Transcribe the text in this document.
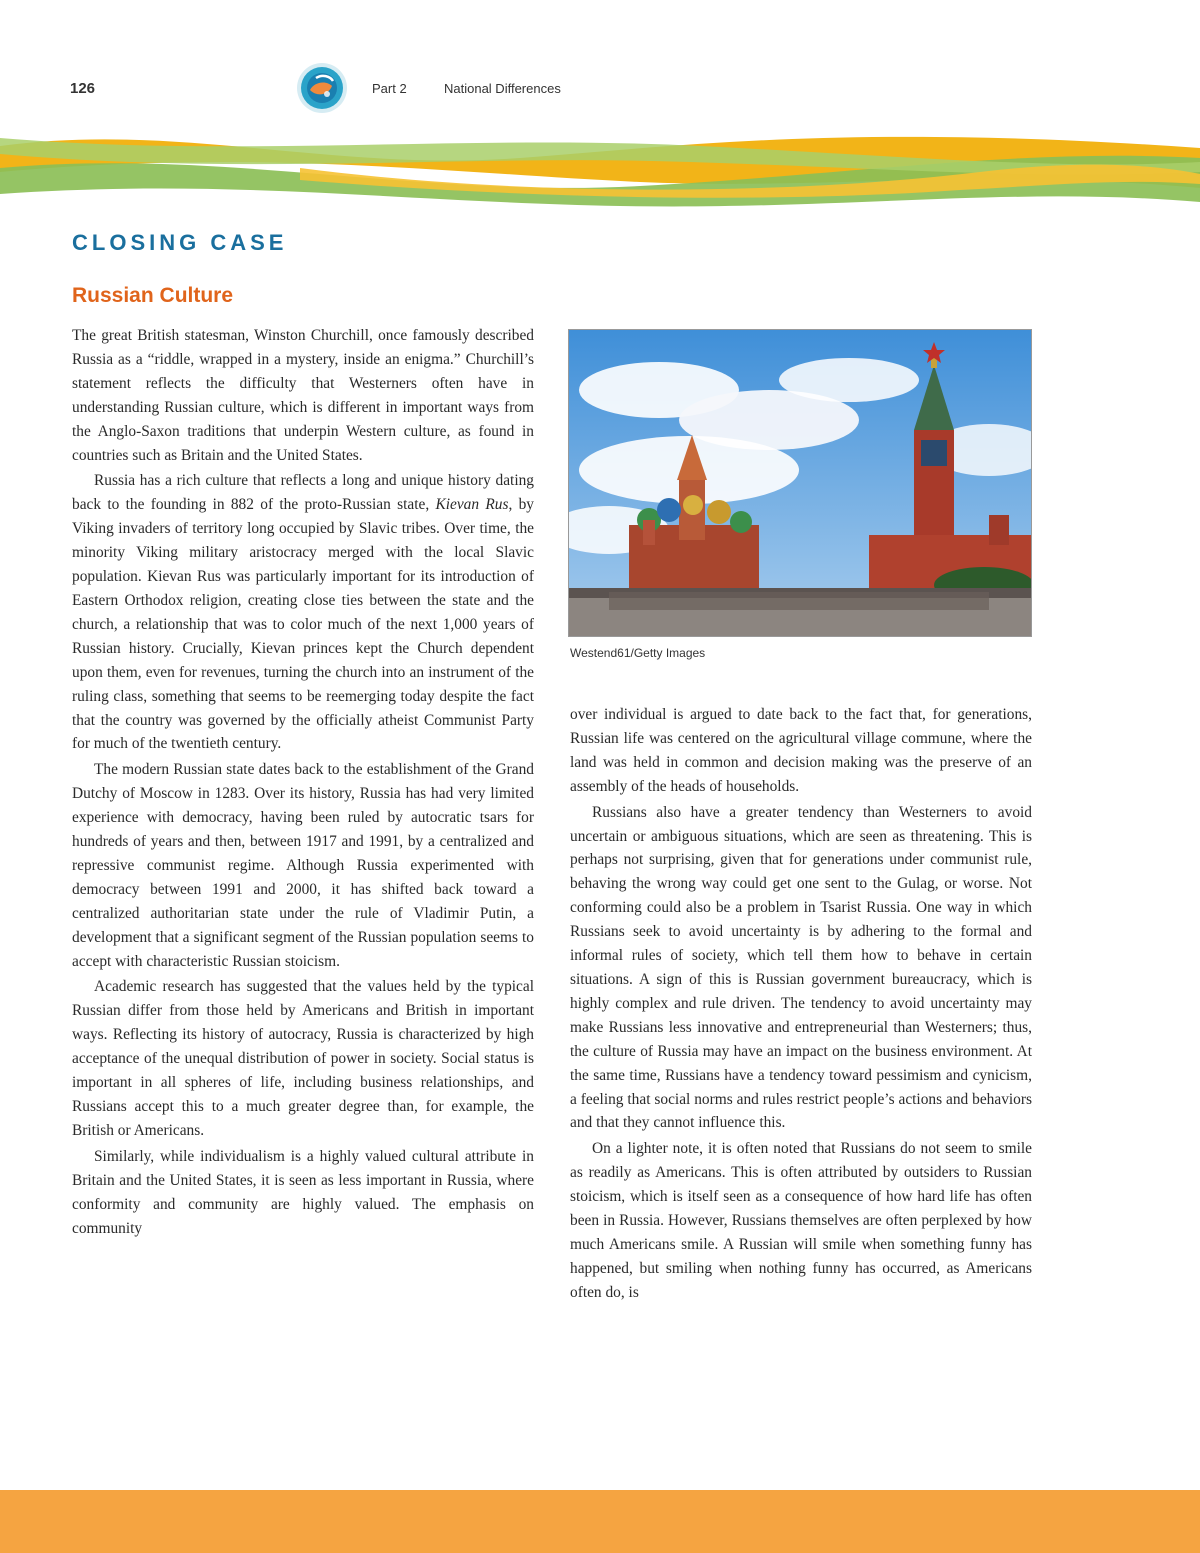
126	Part 2	National Differences
CLOSING CASE
Russian Culture

The great British statesman, Winston Churchill, once famously described Russia as a “riddle, wrapped in a mystery, inside an enigma.” Churchill’s statement reflects the difficulty that Westerners often have in understanding Russian culture, which is different in important ways from the Anglo-Saxon traditions that underpin Western culture, as found in countries such as Britain and the United States.

Russia has a rich culture that reflects a long and unique history dating back to the founding in 882 of the proto-Russian state, Kievan Rus, by Viking invaders of territory long occupied by Slavic tribes. Over time, the minority Viking military aristocracy merged with the local Slavic population. Kievan Rus was particularly important for its introduction of Eastern Orthodox religion, creating close ties between the state and the church, a relationship that was to color much of the next 1,000 years of Russian history. Crucially, Kievan princes kept the Church dependent upon them, even for revenues, turning the church into an instrument of the ruling class, something that seems to be reemerging today despite the fact that the country was governed by the officially atheist Communist Party for much of the twentieth century.

The modern Russian state dates back to the establishment of the Grand Dutchy of Moscow in 1283. Over its history, Russia has had very limited experience with democracy, having been ruled by autocratic tsars for hundreds of years and then, between 1917 and 1991, by a centralized and repressive communist regime. Although Russia experimented with democracy between 1991 and 2000, it has shifted back toward a centralized authoritarian state under the rule of Vladimir Putin, a development that a significant segment of the Russian population seems to accept with characteristic Russian stoicism.

Academic research has suggested that the values held by the typical Russian differ from those held by Americans and British in important ways. Reflecting its history of autocracy, Russia is characterized by high acceptance of the unequal distribution of power in society. Social status is important in all spheres of life, including business relationships, and Russians accept this to a much greater degree than, for example, the British or Americans.

Similarly, while individualism is a highly valued cultural attribute in Britain and the United States, it is seen as less important in Russia, where conformity and community are highly valued. The emphasis on community

Westend61/Getty Images

over individual is argued to date back to the fact that, for generations, Russian life was centered on the agricultural village commune, where the land was held in common and decision making was the preserve of an assembly of the heads of households.

Russians also have a greater tendency than Westerners to avoid uncertain or ambiguous situations, which are seen as threatening. This is perhaps not surprising, given that for generations under communist rule, behaving the wrong way could get one sent to the Gulag, or worse. Not conforming could also be a problem in Tsarist Russia. One way in which Russians seek to avoid uncertainty is by adhering to the formal and informal rules of society, which tell them how to behave in certain situations. A sign of this is Russian government bureaucracy, which is highly complex and rule driven. The tendency to avoid uncertainty may make Russians less innovative and entrepreneurial than Westerners; thus, the culture of Russia may have an impact on the business environment. At the same time, Russians have a tendency toward pessimism and cynicism, a feeling that social norms and rules restrict people’s actions and behaviors and that they cannot influence this.

On a lighter note, it is often noted that Russians do not seem to smile as readily as Americans. This is often attributed by outsiders to Russian stoicism, which is itself seen as a consequence of how hard life has often been in Russia. However, Russians themselves are often perplexed by how much Americans smile. A Russian will smile when something funny has happened, but smiling when nothing funny has occurred, as Americans often do, is
